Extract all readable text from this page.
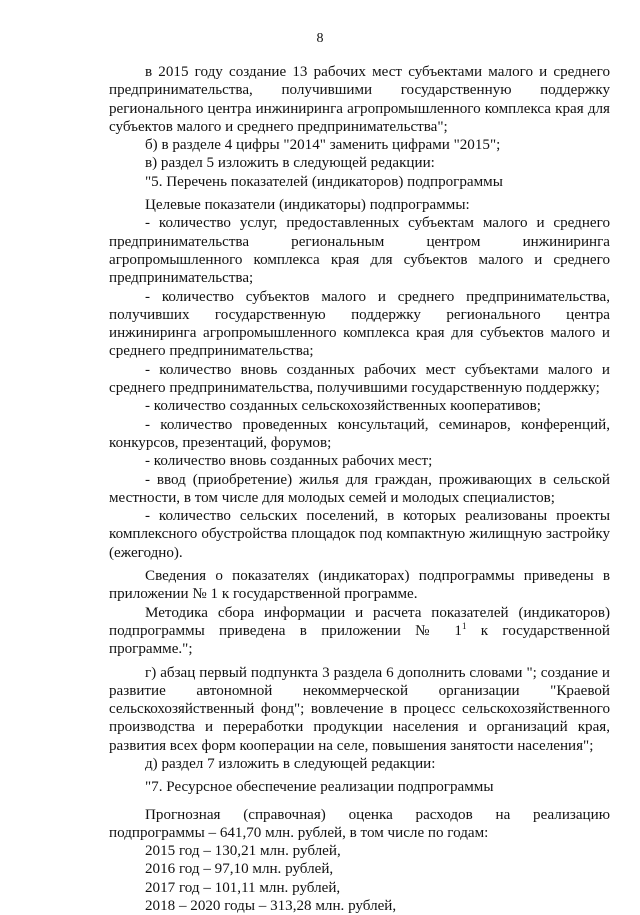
8

в 2015 году создание 13 рабочих мест субъектами малого и среднего предпринимательства, получившими государственную поддержку регионального центра инжиниринга агропромышленного комплекса края для субъектов малого и среднего предпринимательства";

б) в разделе 4 цифры "2014" заменить цифрами "2015";

в) раздел 5 изложить в следующей редакции:

"5. Перечень показателей (индикаторов) подпрограммы

Целевые показатели (индикаторы) подпрограммы:

- количество услуг, предоставленных субъектам малого и среднего предпринимательства региональным центром инжиниринга агропромышленного комплекса края для субъектов малого и среднего предпринимательства;

- количество субъектов малого и среднего предпринимательства, получивших государственную поддержку регионального центра инжиниринга агропромышленного комплекса края для субъектов малого и среднего предпринимательства;

- количество вновь созданных рабочих мест субъектами малого и среднего предпринимательства, получившими государственную поддержку;

- количество созданных сельскохозяйственных кооперативов;

- количество проведенных консультаций, семинаров, конференций, конкурсов, презентаций, форумов;

- количество вновь созданных рабочих мест;

- ввод (приобретение) жилья для граждан, проживающих в сельской местности, в том числе для молодых семей и молодых специалистов;

- количество сельских поселений, в которых реализованы проекты комплексного обустройства площадок под компактную жилищную застройку (ежегодно).

Сведения о показателях (индикаторах) подпрограммы приведены в приложении № 1 к государственной программе.

Методика сбора информации и расчета показателей (индикаторов) подпрограммы приведена в приложении № $1^1$ к государственной программе.";

г) абзац первый подпункта 3 раздела 6 дополнить словами "; создание и развитие автономной некоммерческой организации "Краевой сельскохозяйственный фонд"; вовлечение в процесс сельскохозяйственного производства и переработки продукции населения и организаций края, развития всех форм кооперации на селе, повышения занятости населения";

д) раздел 7 изложить в следующей редакции:

"7. Ресурсное обеспечение реализации подпрограммы

Прогнозная (справочная) оценка расходов на реализацию подпрограммы – 641,70 млн. рублей, в том числе по годам:

2015 год – 130,21 млн. рублей,

2016 год – 97,10 млн. рублей,

2017 год – 101,11 млн. рублей,

2018 – 2020 годы – 313,28 млн. рублей,
